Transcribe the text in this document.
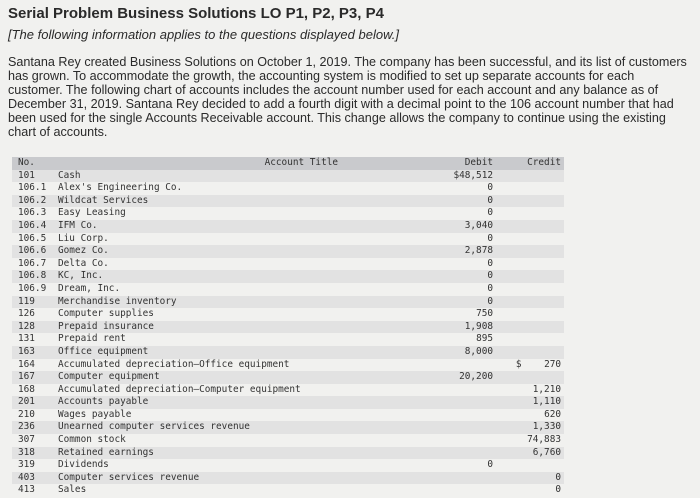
Serial Problem Business Solutions LO P1, P2, P3, P4
[The following information applies to the questions displayed below.]
Santana Rey created Business Solutions on October 1, 2019. The company has been successful, and its list of customers has grown. To accommodate the growth, the accounting system is modified to set up separate accounts for each customer. The following chart of accounts includes the account number used for each account and any balance as of December 31, 2019. Santana Rey decided to add a fourth digit with a decimal point to the 106 account number that had been used for the single Accounts Receivable account. This change allows the company to continue using the existing chart of accounts.
No.	Account Title	Debit	Credit
101	Cash	$48,512	
106.1	Alex's Engineering Co.	0	
106.2	Wildcat Services	0	
106.3	Easy Leasing	0	
106.4	IFM Co.	3,040	
106.5	Liu Corp.	0	
106.6	Gomez Co.	2,878	
106.7	Delta Co.	0	
106.8	KC, Inc.	0	
106.9	Dream, Inc.	0	
119	Merchandise inventory	0	
126	Computer supplies	750	
128	Prepaid insurance	1,908	
131	Prepaid rent	895	
163	Office equipment	8,000	
164	Accumulated depreciation—Office equipment		$    270
167	Computer equipment	20,200	
168	Accumulated depreciation—Computer equipment		1,210
201	Accounts payable		1,110
210	Wages payable		620
236	Unearned computer services revenue		1,330
307	Common stock		74,883
318	Retained earnings		6,760
319	Dividends	0	
403	Computer services revenue		0
413	Sales		0
